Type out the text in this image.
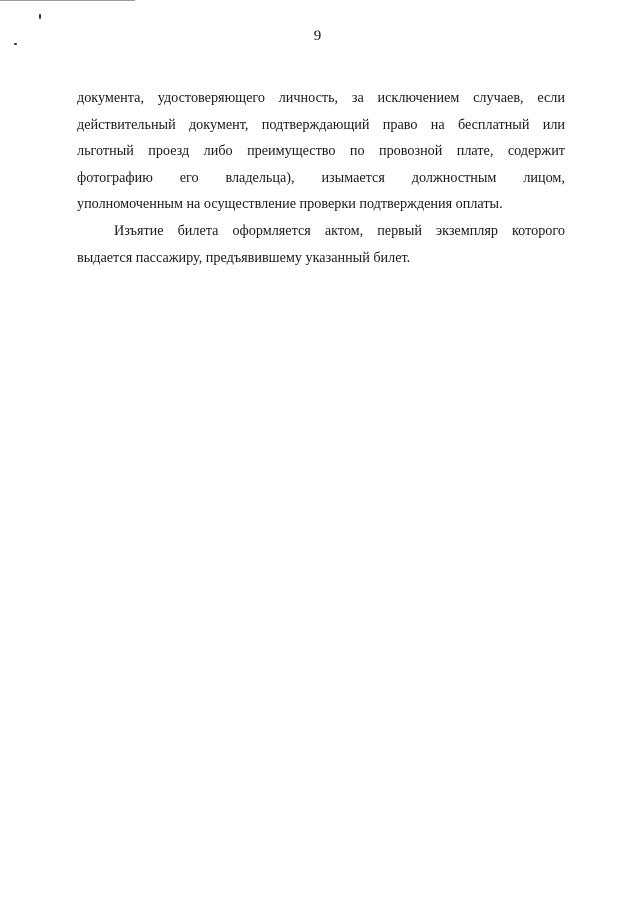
9
документа, удостоверяющего личность, за исключением случаев, если
действительный документ, подтверждающий право на бесплатный или
льготный проезд либо преимущество по провозной плате, содержит
фотографию его владельца), изымается должностным лицом,
уполномоченным на осуществление проверки подтверждения оплаты.
Изъятие билета оформляется актом, первый экземпляр которого
выдается пассажиру, предъявившему указанный билет.
